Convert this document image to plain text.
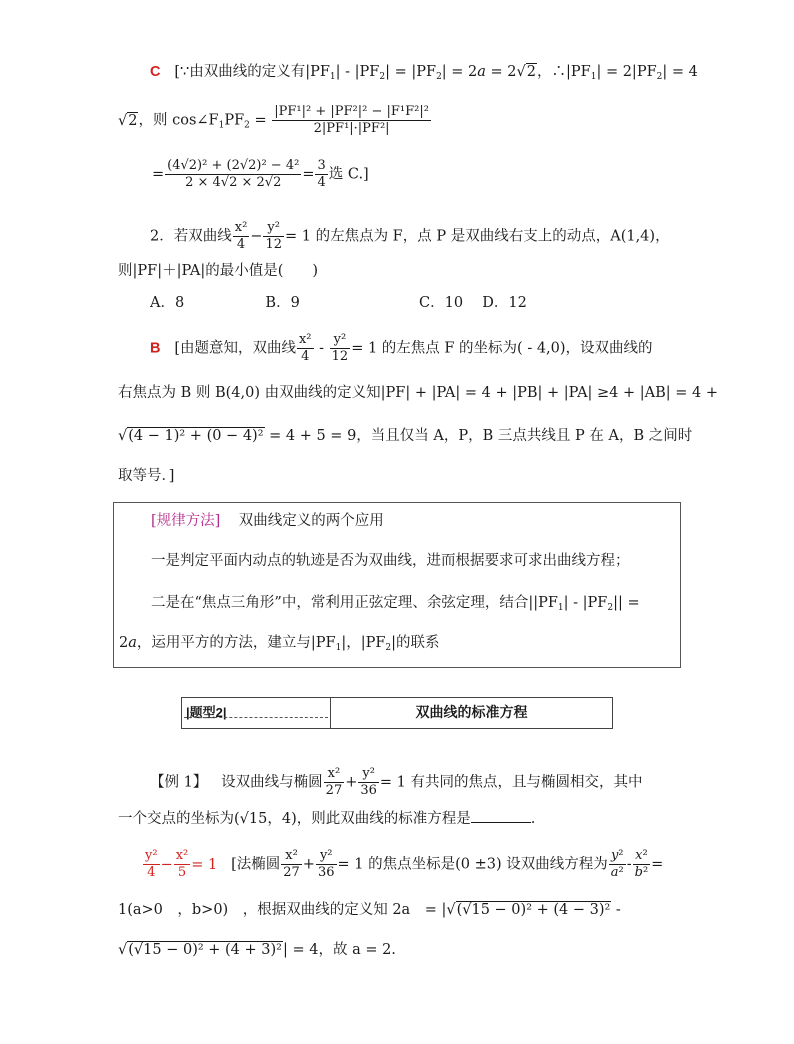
C [∵由双曲线的定义有$|PF_1| - |PF_2| = |PF_2| = 2a = 2√2$，$\therefore|PF_1| = 2|PF_2| = 4$
√2，则 $\cos\angle F_1PF_2 = \frac{\text{|PF¹|² + |PF²|² − |F¹F²|²}}{\text{2|PF¹|·|PF²|}}$
= $\frac{\text{(4√2)² + (2√2)² − 4²}}{2 \times 4√2 \times 2√2} = \frac{3}{4}$ 选 C.]
2．若双曲线 $\frac{\text{x²}}{4} - \frac{\text{y²}}{12} = 1$ 的左焦点为 F，点 P 是双曲线右支上的动点，A(1,4)，
则|PF|＋|PA|的最小值是(　　)
A．8	B．9	C．10 D．12
B [由题意知，双曲线 $\frac{\text{x²}}{4} - \frac{\text{y²}}{12} = 1$ 的左焦点 F 的坐标为( - 4,0)，设双曲线的
右焦点为 B 则 B(4,0) 由双曲线的定义知|PF| + |PA| = 4 + |PB| + |PA| ≥4 + |AB| = 4 +
√(4 − 1)² + (0 − 4)² = 4 + 5 = 9，当且仅当 A，P，B 三点共线且 P 在 A，B 之间时
取等号．]
[规律方法] 双曲线定义的两个应用
一是判定平面内动点的轨迹是否为双曲线，进而根据要求可求出曲线方程；
二是在“焦点三角形”中，常利用正弦定理、余弦定理，结合$||PF_1| - |PF_2||$ =
2a，运用平方的方法，建立与$|PF_1|$，$|PF_2|$的联系
|题型2|	双曲线的标准方程
【例 1】 设双曲线与椭圆 $\frac{\text{x²}}{27} + \frac{\text{y²}}{36} = 1$ 有共同的焦点，且与椭圆相交，其中
一个交点的坐标为(√15，4)，则此双曲线的标准方程是	.
$\frac{\text{y²}}{4} - \frac{\text{x²}}{5} = 1$ [法椭圆 $\frac{\text{x²}}{27} + \frac{\text{y²}}{36} = 1$ 的焦点坐标是(0 ±3) 设双曲线方程为 $\frac{\text{y²}}{\text{a²}} - \frac{\text{x²}}{\text{b²}}$ =
1(a>0　，b>0)　，根据双曲线的定义知 2a　= |√(√15 − 0)² + (4 − 3)² -
√(√15 − 0)² + (4 + 3)²| = 4，故 a = 2.
